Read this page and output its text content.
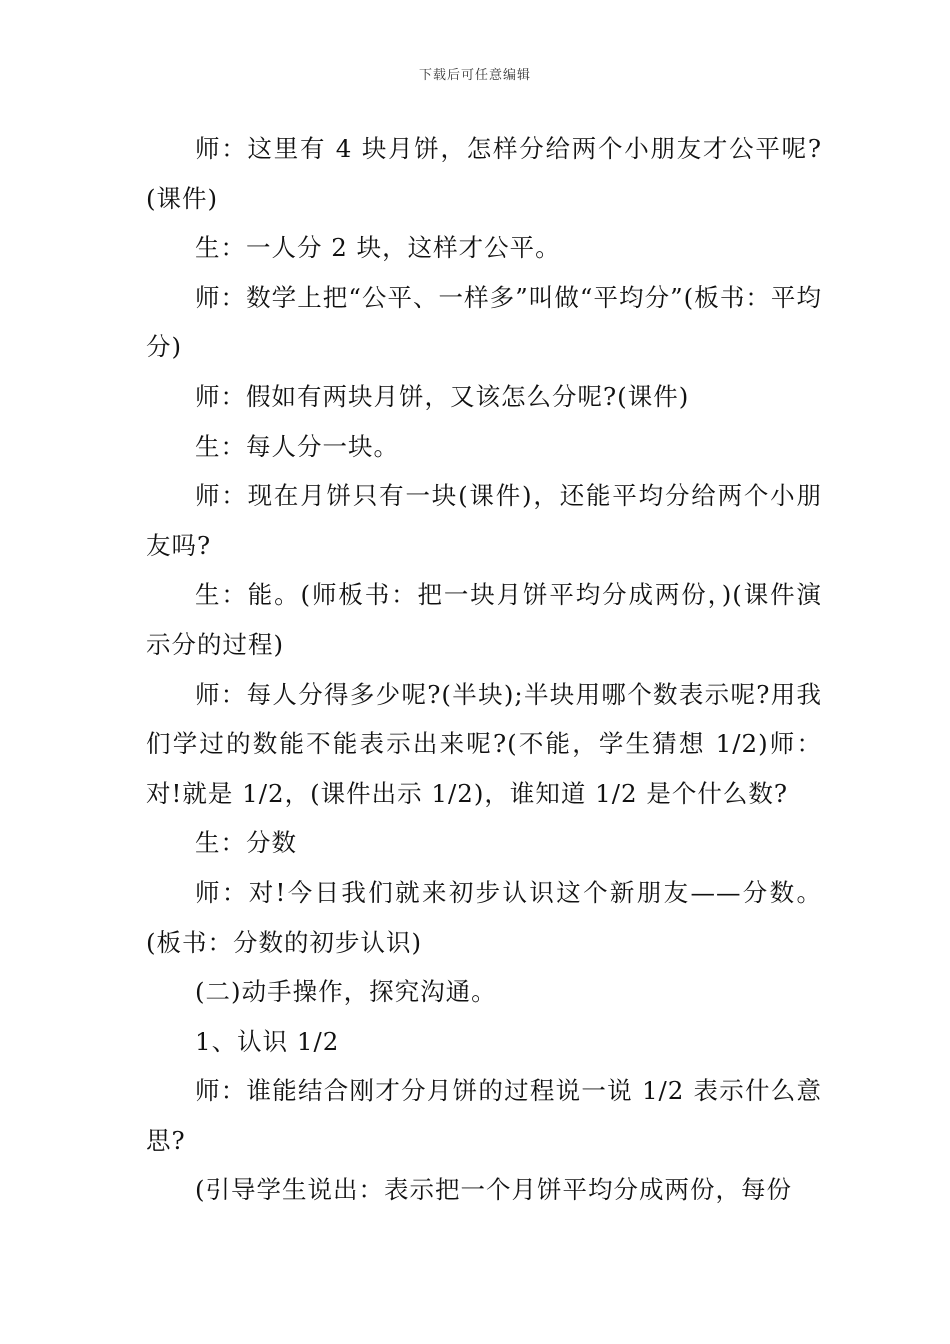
下载后可任意编辑

师：这里有 4 块月饼，怎样分给两个小朋友才公平呢?(课件)

生：一人分 2 块，这样才公平。

师：数学上把“公平、一样多”叫做“平均分”(板书：平均分)

师：假如有两块月饼，又该怎么分呢?(课件)

生：每人分一块。

师：现在月饼只有一块(课件)，还能平均分给两个小朋友吗?

生：能。(师板书：把一块月饼平均分成两份，)(课件演示分的过程)

师：每人分得多少呢?(半块);半块用哪个数表示呢?用我们学过的数能不能表示出来呢?(不能，学生猜想 1/2)师：对!就是 1/2，(课件出示 1/2)，谁知道 1/2 是个什么数?

生：分数

师：对!今日我们就来初步认识这个新朋友——分数。(板书：分数的初步认识)

(二)动手操作，探究沟通。

1、认识 1/2

师：谁能结合刚才分月饼的过程说一说 1/2 表示什么意思?

(引导学生说出：表示把一个月饼平均分成两份，每份
